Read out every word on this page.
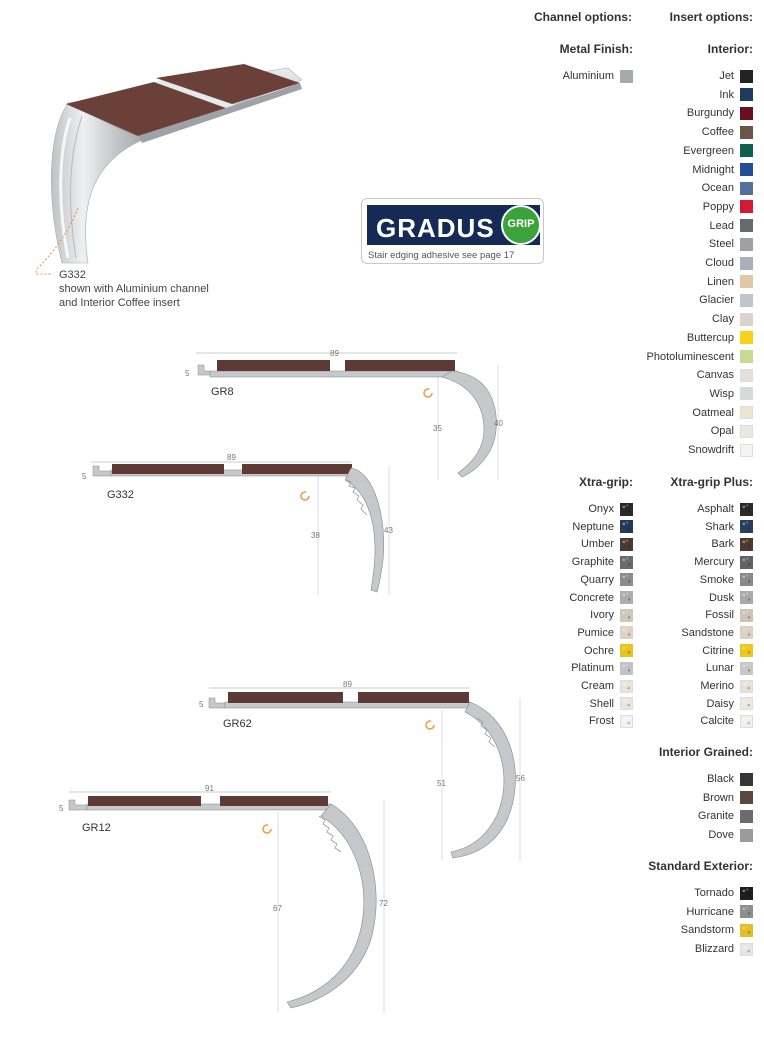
Channel options:	Insert options:
Metal Finish:
Aluminium
Interior:
Jet
Ink
Burgundy
Coffee
Evergreen
Midnight
Ocean
Poppy
Lead
Steel
Cloud
Linen
Glacier
Clay
Buttercup
Photoluminescent
Canvas
Wisp
Oatmeal
Opal
Snowdrift
Xtra-grip:
Onyx
Neptune
Umber
Graphite
Quarry
Concrete
Ivory
Pumice
Ochre
Platinum
Cream
Shell
Frost
Xtra-grip Plus:
Asphalt
Shark
Bark
Mercury
Smoke
Dusk
Fossil
Sandstone
Citrine
Lunar
Merino
Daisy
Calcite
Interior Grained:
Black
Brown
Granite
Dove
Standard Exterior:
Tornado
Hurricane
Sandstorm
Blizzard
G332
shown with Aluminium channel
and Interior Coffee insert
GRADUS	GRIP
Stair edging adhesive see page 17
89
35
40
5
GR8
89
38
43
5
G332
89
51
56
5
GR62
91
67
72
5
GR12
